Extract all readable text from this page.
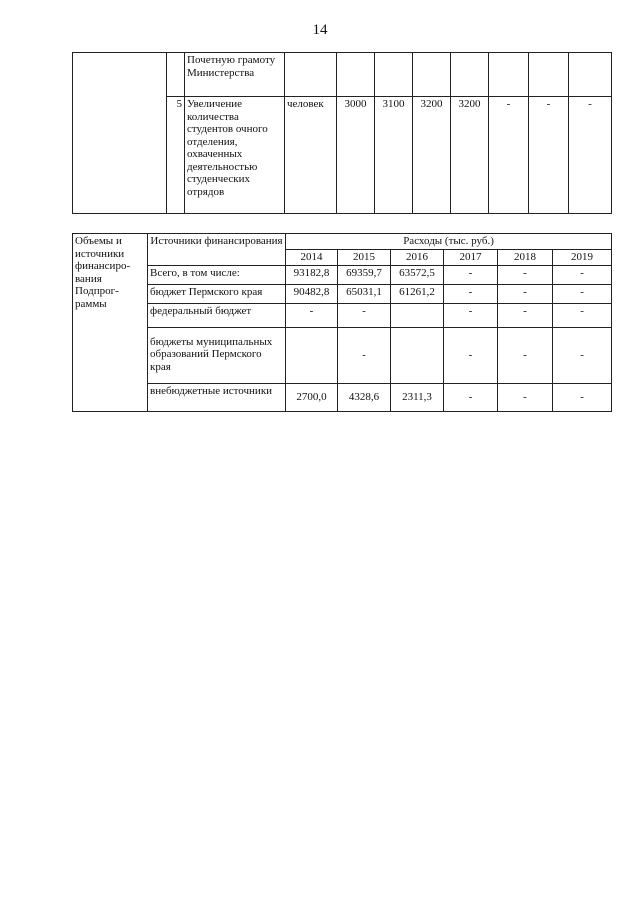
14
		Почетную грамоту Министерства								
	5	Увеличение количества студентов очного отделения, охваченных деятельностью студенческих отрядов	человек	3000	3100	3200	3200	-	-	-
Объемы и источники финансиро-вания Подпрог-раммы	Источники финансирования	Расходы (тыс. руб.)					
		2014	2015	2016	2017	2018	2019
	Всего, в том числе:	93182,8	69359,7	63572,5	-	-	-
	бюджет Пермского края	90482,8	65031,1	61261,2	-	-	-
	федеральный бюджет	-	-		-	-	-
	бюджеты муниципальных образований Пермского края		-		-	-	-
	внебюджетные источники	2700,0	4328,6	2311,3	-	-	-
